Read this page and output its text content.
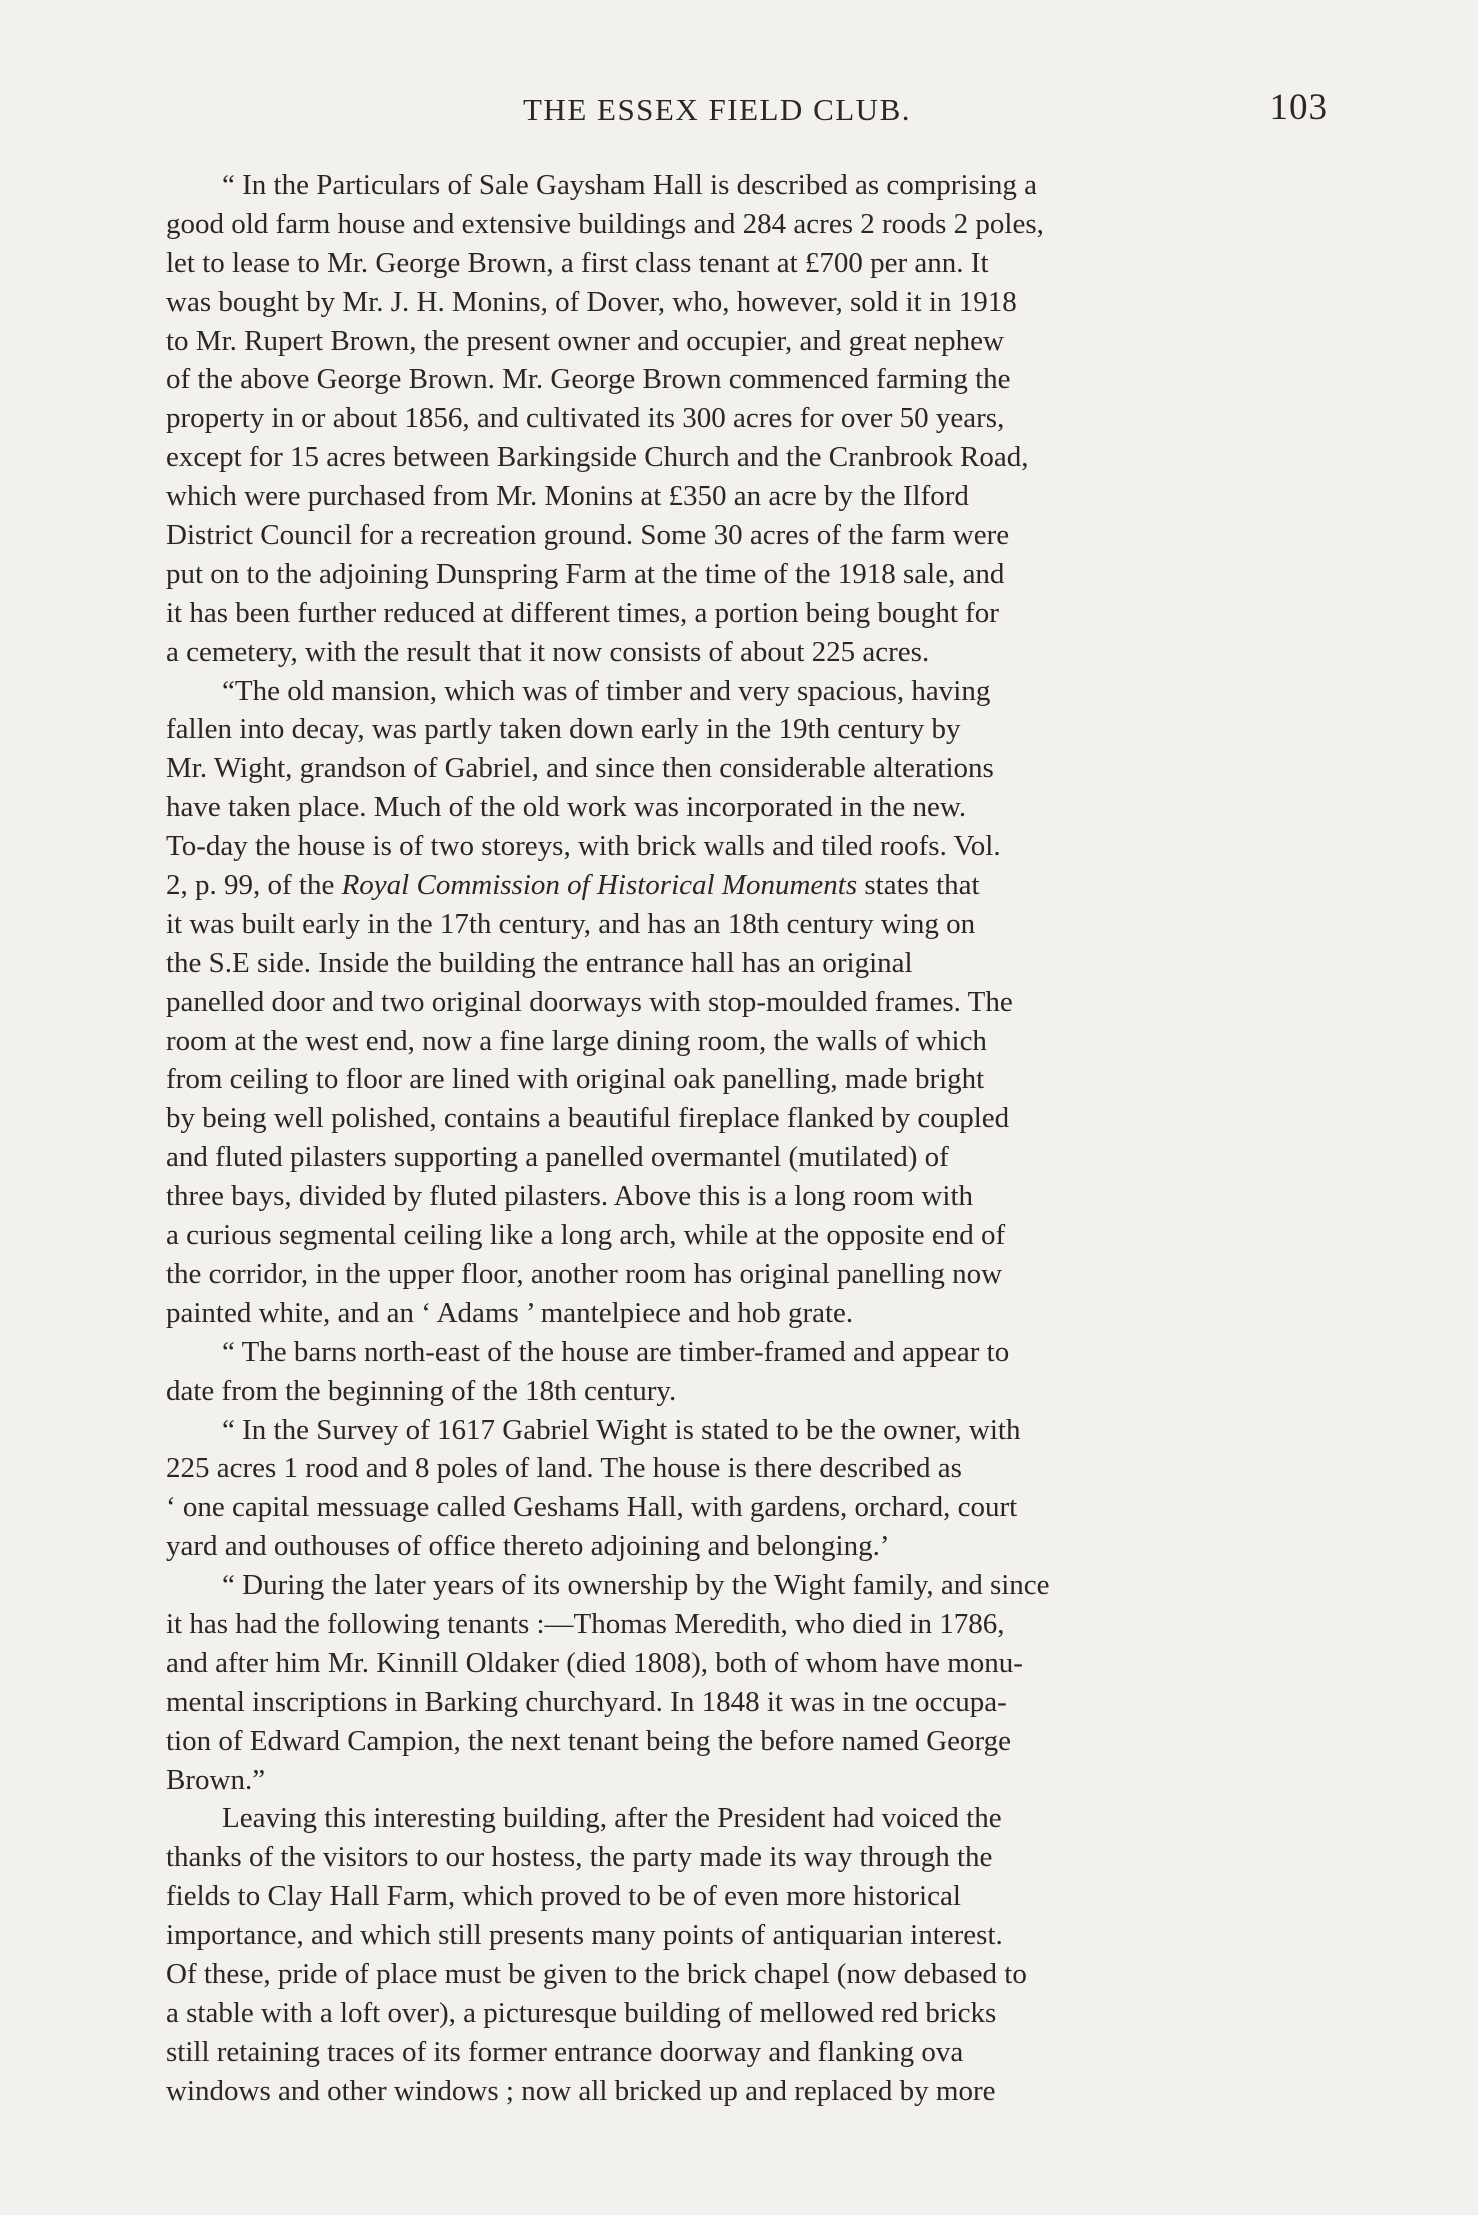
THE ESSEX FIELD CLUB.	103
“ In the Particulars of Sale Gaysham Hall is described as comprising a
good old farm house and extensive buildings and 284 acres 2 roods 2 poles,
let to lease to Mr. George Brown, a first class tenant at £700 per ann. It
was bought by Mr. J. H. Monins, of Dover, who, however, sold it in 1918
to Mr. Rupert Brown, the present owner and occupier, and great nephew
of the above George Brown. Mr. George Brown commenced farming the
property in or about 1856, and cultivated its 300 acres for over 50 years,
except for 15 acres between Barkingside Church and the Cranbrook Road,
which were purchased from Mr. Monins at £350 an acre by the Ilford
District Council for a recreation ground. Some 30 acres of the farm were
put on to the adjoining Dunspring Farm at the time of the 1918 sale, and
it has been further reduced at different times, a portion being bought for
a cemetery, with the result that it now consists of about 225 acres.
“The old mansion, which was of timber and very spacious, having
fallen into decay, was partly taken down early in the 19th century by
Mr. Wight, grandson of Gabriel, and since then considerable alterations
have taken place. Much of the old work was incorporated in the new.
To-day the house is of two storeys, with brick walls and tiled roofs. Vol.
2, p. 99, of the Royal Commission of Historical Monuments states that
it was built early in the 17th century, and has an 18th century wing on
the S.E side. Inside the building the entrance hall has an original
panelled door and two original doorways with stop-moulded frames. The
room at the west end, now a fine large dining room, the walls of which
from ceiling to floor are lined with original oak panelling, made bright
by being well polished, contains a beautiful fireplace flanked by coupled
and fluted pilasters supporting a panelled overmantel (mutilated) of
three bays, divided by fluted pilasters. Above this is a long room with
a curious segmental ceiling like a long arch, while at the opposite end of
the corridor, in the upper floor, another room has original panelling now
painted white, and an ‘ Adams ’ mantelpiece and hob grate.
“ The barns north-east of the house are timber-framed and appear to
date from the beginning of the 18th century.
“ In the Survey of 1617 Gabriel Wight is stated to be the owner, with
225 acres 1 rood and 8 poles of land. The house is there described as
‘ one capital messuage called Geshams Hall, with gardens, orchard, court
yard and outhouses of office thereto adjoining and belonging.’
“ During the later years of its ownership by the Wight family, and since
it has had the following tenants :—Thomas Meredith, who died in 1786,
and after him Mr. Kinnill Oldaker (died 1808), both of whom have monu-
mental inscriptions in Barking churchyard. In 1848 it was in tne occupa-
tion of Edward Campion, the next tenant being the before named George
Brown.”
Leaving this interesting building, after the President had voiced the
thanks of the visitors to our hostess, the party made its way through the
fields to Clay Hall Farm, which proved to be of even more historical
importance, and which still presents many points of antiquarian interest.
Of these, pride of place must be given to the brick chapel (now debased to
a stable with a loft over), a picturesque building of mellowed red bricks
still retaining traces of its former entrance doorway and flanking ova
windows and other windows ; now all bricked up and replaced by more
